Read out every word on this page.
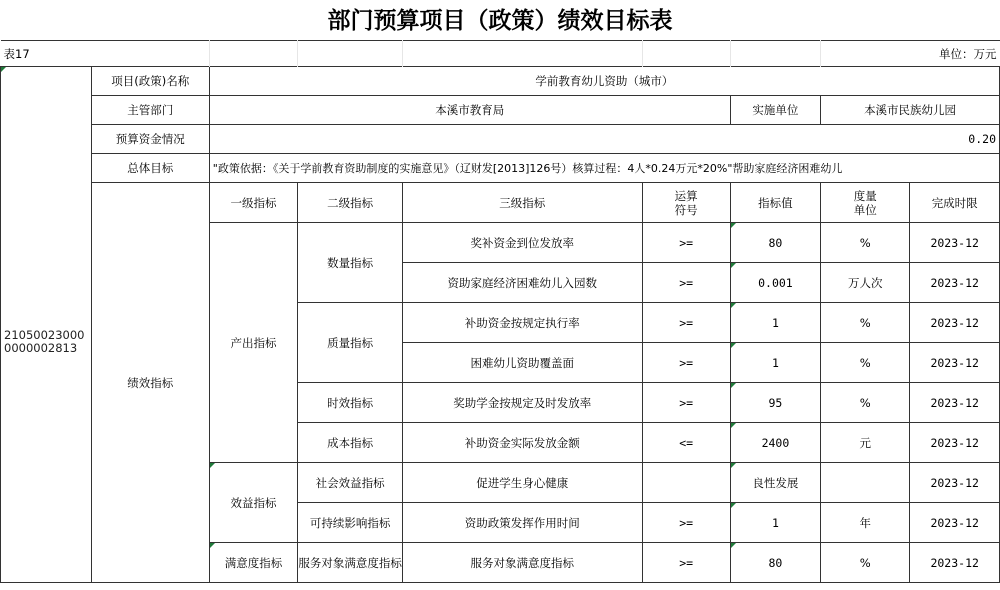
部门预算项目（政策）绩效目标表
表17								单位：万元

210500230000000002813	项目(政策)名称	学前教育幼儿资助（城市）						
	主管部门	本溪市教育局				实施单位	本溪市民族幼儿园	
	预算资金情况	0.20						
	总体目标	"政策依据：《关于学前教育资助制度的实施意见》（辽财发[2013]126号）核算过程：4人*0.24万元*20%"帮助家庭经济困难幼儿						
	绩效指标	一级指标	二级指标	三级指标	运算符号	指标值	度量单位	完成时限
		产出指标	数量指标	奖补资金到位发放率	>=	80	%	2023-12
				资助家庭经济困难幼儿入园数	>=	0.001	万人次	2023-12
			质量指标	补助资金按规定执行率	>=	1	%	2023-12
				困难幼儿资助覆盖面	>=	1	%	2023-12
			时效指标	奖助学金按规定及时发放率	>=	95	%	2023-12
			成本指标	补助资金实际发放金额	<=	2400	元	2023-12
		效益指标	社会效益指标	促进学生身心健康		良性发展		2023-12
			可持续影响指标	资助政策发挥作用时间	>=	1	年	2023-12
		满意度指标	服务对象满意度指标	服务对象满意度指标	>=	80	%	2023-12
